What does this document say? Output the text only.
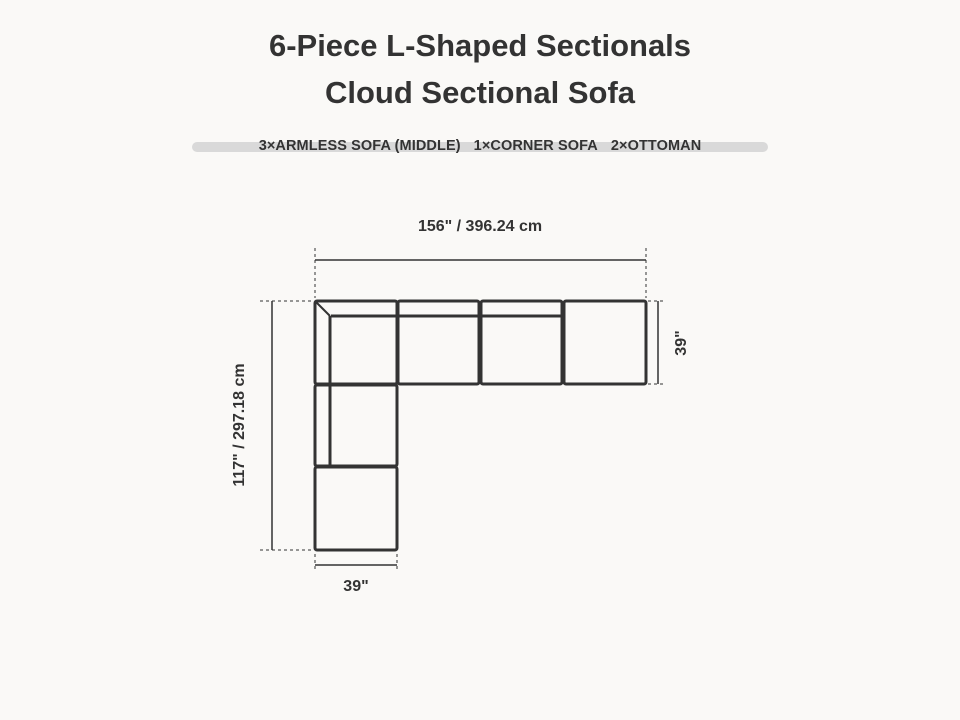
6-Piece L-Shaped Sectionals
Cloud Sectional Sofa
3×ARMLESS SOFA (MIDDLE) 1×CORNER SOFA 2×OTTOMAN
156" / 396.24 cm
117" / 297.18 cm
39"
39"
